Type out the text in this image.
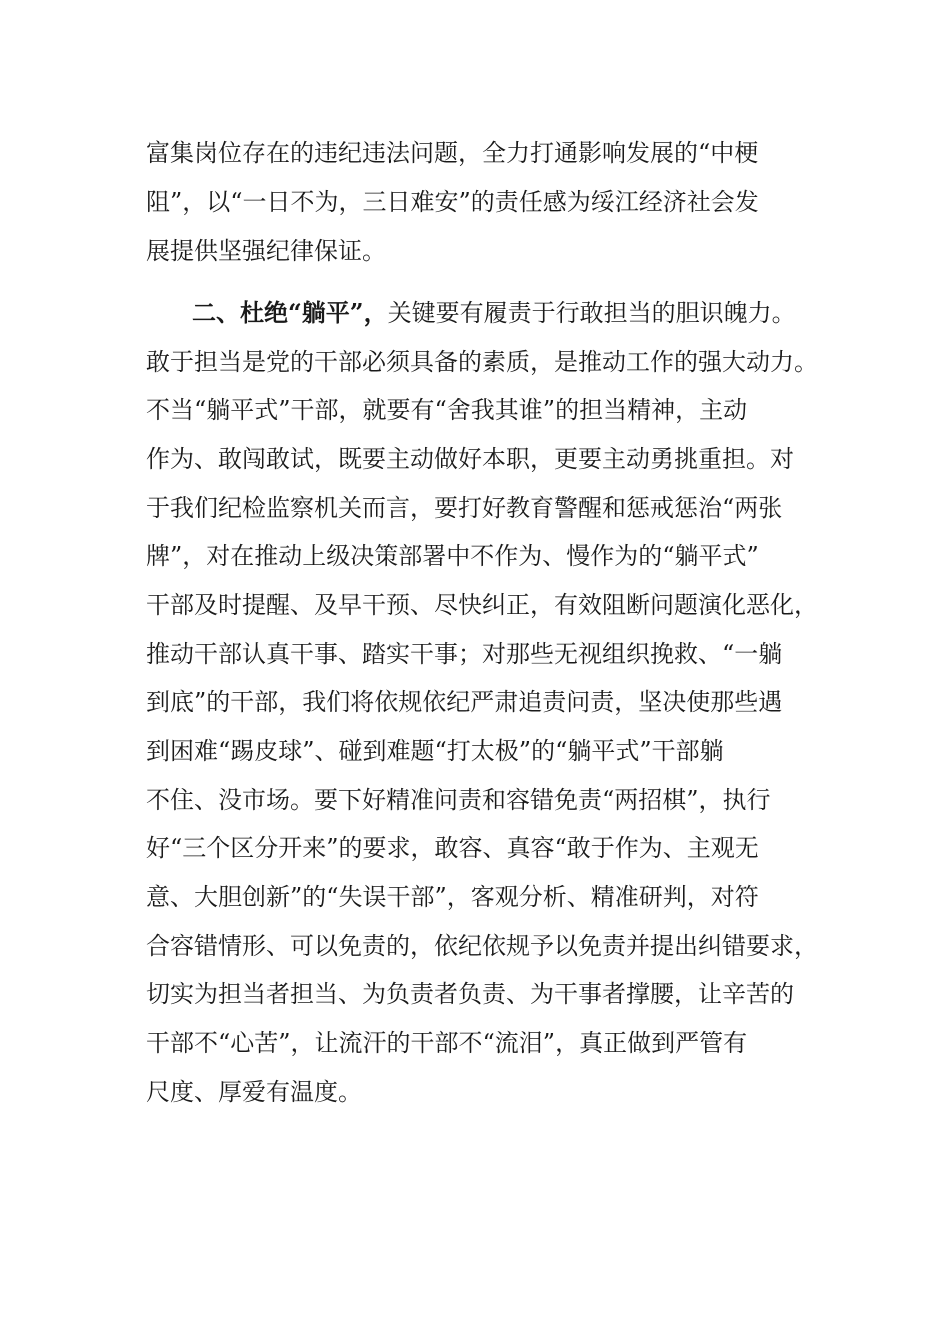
富集岗位存在的违纪违法问题，全力打通影响发展的“中梗
阻”，以“一日不为，三日难安”的责任感为绥江经济社会发
展提供坚强纪律保证。
二、杜绝“躺平”，关键要有履责于行敢担当的胆识魄力。
敢于担当是党的干部必须具备的素质，是推动工作的强大动力。
不当“躺平式”干部，就要有“舍我其谁”的担当精神，主动
作为、敢闯敢试，既要主动做好本职，更要主动勇挑重担。对
于我们纪检监察机关而言，要打好教育警醒和惩戒惩治“两张
牌”，对在推动上级决策部署中不作为、慢作为的“躺平式”
干部及时提醒、及早干预、尽快纠正，有效阻断问题演化恶化，
推动干部认真干事、踏实干事；对那些无视组织挽救、“一躺
到底”的干部，我们将依规依纪严肃追责问责，坚决使那些遇
到困难“踢皮球”、碰到难题“打太极”的“躺平式”干部躺
不住、没市场。要下好精准问责和容错免责“两招棋”，执行
好“三个区分开来”的要求，敢容、真容“敢于作为、主观无
意、大胆创新”的“失误干部”，客观分析、精准研判，对符
合容错情形、可以免责的，依纪依规予以免责并提出纠错要求，
切实为担当者担当、为负责者负责、为干事者撑腰，让辛苦的
干部不“心苦”，让流汗的干部不“流泪”，真正做到严管有
尺度、厚爱有温度。
